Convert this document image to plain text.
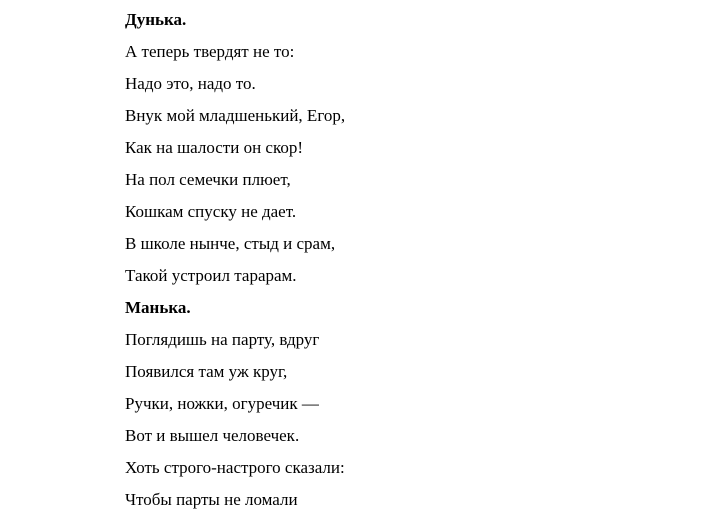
Дунька.
А теперь твердят не то:
Надо это, надо то.
Внук мой младшенький, Егор,
Как на шалости он скор!
На пол семечки плюет,
Кошкам спуску не дает.
В школе нынче, стыд и срам,
Такой устроил тарарам.
Манька.
Поглядишь на парту, вдруг
Появился там уж круг,
Ручки, ножки, огуречик —
Вот и вышел человечек.
Хоть строго-настрого сказали:
Чтобы парты не ломали
